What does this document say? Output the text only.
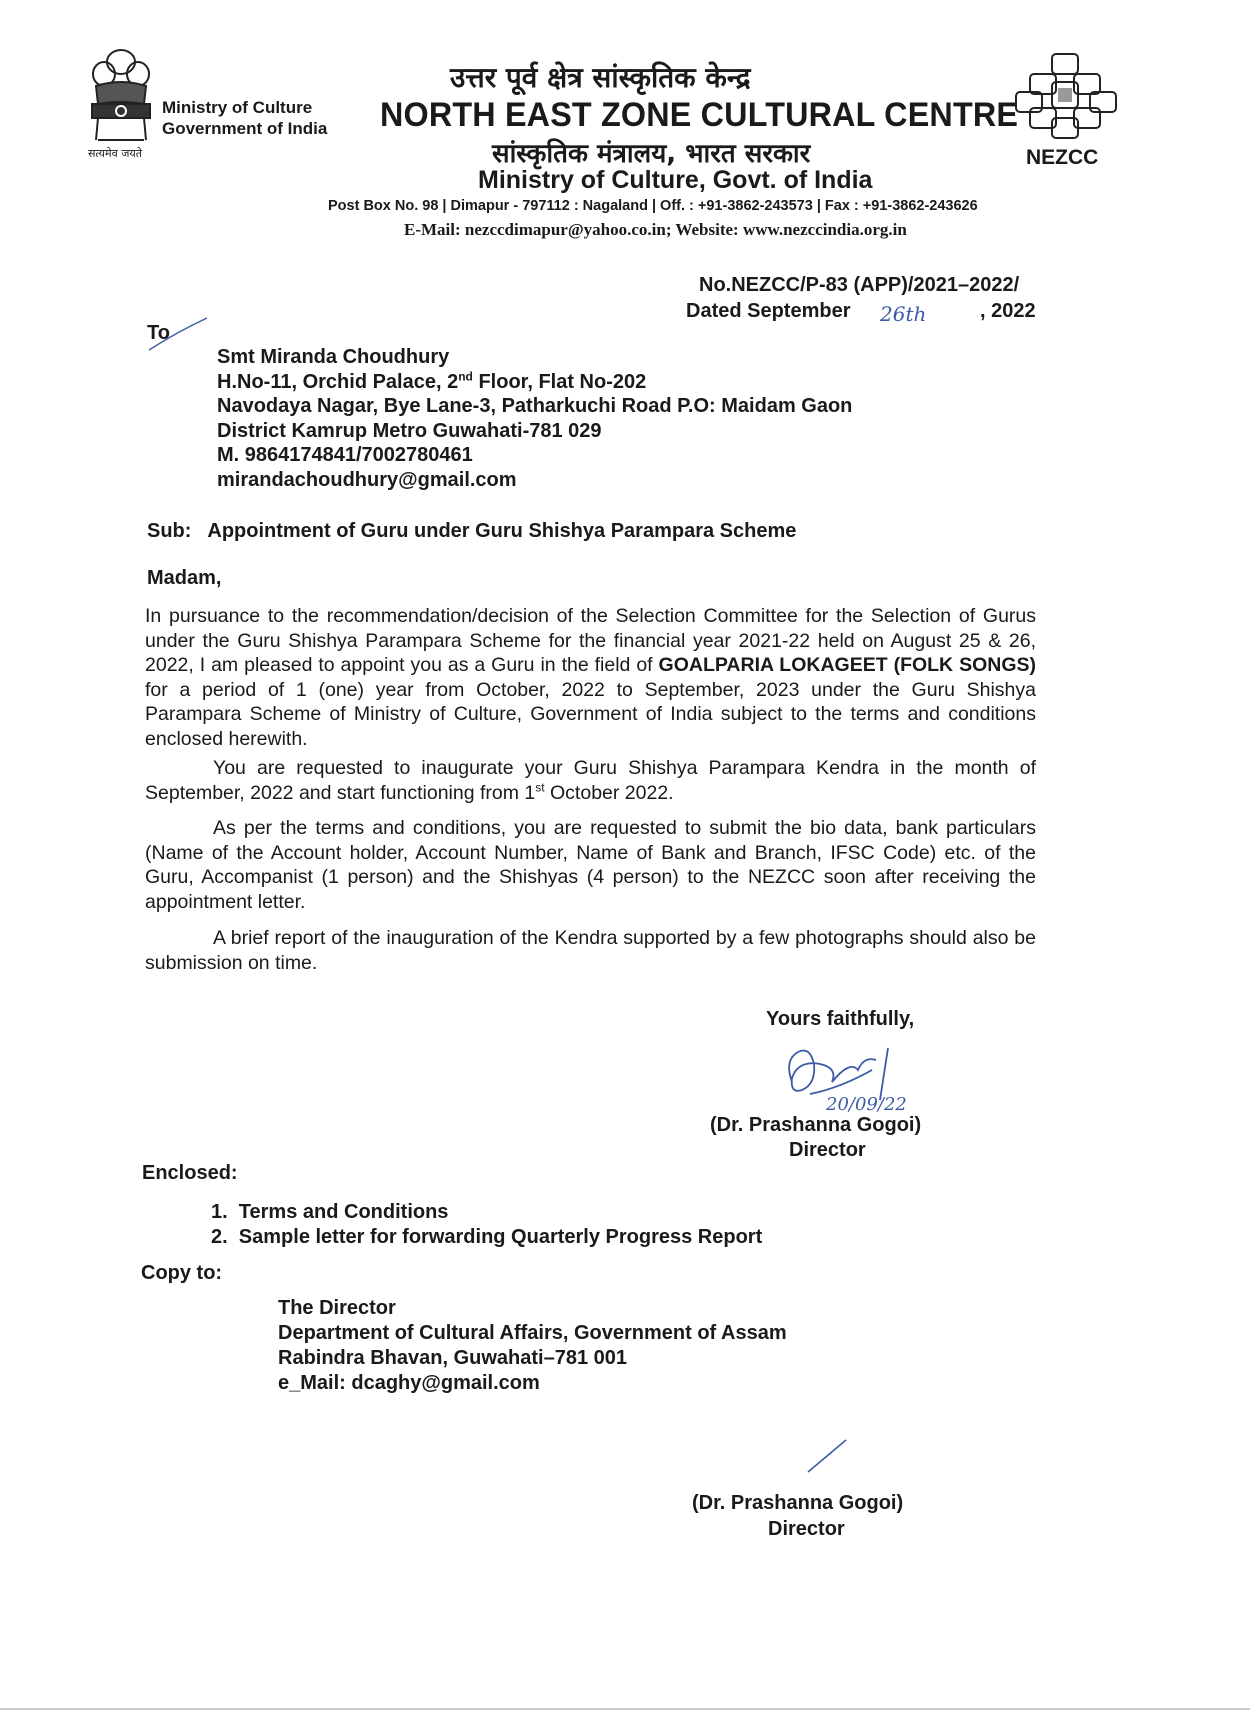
सत्यमेव जयते
Ministry of Culture
Government of India
उत्तर पूर्व क्षेत्र सांस्कृतिक केन्द्र
NORTH EAST ZONE CULTURAL CENTRE
सांस्कृतिक मंत्रालय, भारत सरकार
Ministry of Culture, Govt. of India
Post Box No. 98 | Dimapur - 797112 : Nagaland | Off. : +91-3862-243573 | Fax : +91-3862-243626
E-Mail: nezccdimapur@yahoo.co.in; Website: www.nezccindia.org.in
NEZCC
No.NEZCC/P-83 (APP)/2021–2022/
Dated September 26th	, 2022
To
Smt Miranda Choudhury
H.No-11, Orchid Palace, 2nd Floor, Flat No-202
Navodaya Nagar, Bye Lane-3, Patharkuchi Road P.O: Maidam Gaon
District Kamrup Metro Guwahati-781 029
M. 9864174841/7002780461
mirandachoudhury@gmail.com
Sub: Appointment of Guru under Guru Shishya Parampara Scheme
Madam,
In pursuance to the recommendation/decision of the Selection Committee for the Selection of Gurus under the Guru Shishya Parampara Scheme for the financial year 2021-22 held on August 25 & 26, 2022, I am pleased to appoint you as a Guru in the field of GOALPARIA LOKAGEET (FOLK SONGS) for a period of 1 (one) year from October, 2022 to September, 2023 under the Guru Shishya Parampara Scheme of Ministry of Culture, Government of India subject to the terms and conditions enclosed herewith.
You are requested to inaugurate your Guru Shishya Parampara Kendra in the month of September, 2022 and start functioning from 1st October 2022.
As per the terms and conditions, you are requested to submit the bio data, bank particulars (Name of the Account holder, Account Number, Name of Bank and Branch, IFSC Code) etc. of the Guru, Accompanist (1 person) and the Shishyas (4 person) to the NEZCC soon after receiving the appointment letter.
A brief report of the inauguration of the Kendra supported by a few photographs should also be submission on time.
Yours faithfully,
20/09/22
(Dr. Prashanna Gogoi)
Director
Enclosed:
1.  Terms and Conditions
2.  Sample letter for forwarding Quarterly Progress Report
Copy to:
The Director
Department of Cultural Affairs, Government of Assam
Rabindra Bhavan, Guwahati–781 001
e_Mail: dcaghy@gmail.com
(Dr. Prashanna Gogoi)
Director
